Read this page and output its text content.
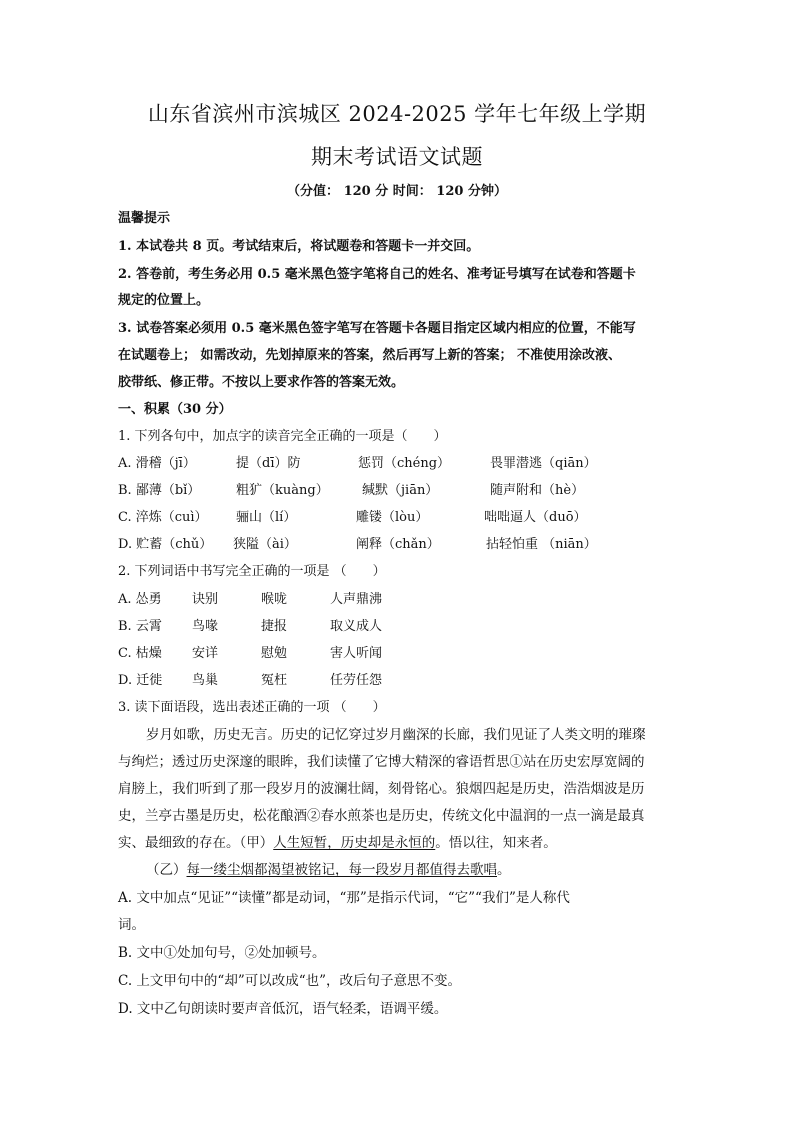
山东省滨州市滨城区 2024-2025 学年七年级上学期
期末考试语文试题
（分值： 120 分 时间： 120 分钟）
温馨提示
1. 本试卷共 8 页。考试结束后，将试题卷和答题卡一并交回。
2. 答卷前，考生务必用 0.5 毫米黑色签字笔将自己的姓名、准考证号填写在试卷和答题卡
规定的位置上。
3. 试卷答案必须用 0.5 毫米黑色签字笔写在答题卡各题目指定区域内相应的位置，不能写
在试题卷上； 如需改动，先划掉原来的答案，然后再写上新的答案； 不准使用涂改液、
胶带纸、修正带。不按以上要求作答的答案无效。
一、积累（30 分）
1. 下列各句中，加点字的读音完全正确的一项是（　　）
A. 滑稽（jī）	提（dī）防	惩罚（chéng）	畏罪潜逃（qiān）
B. 鄙薄（bǐ）	粗犷（kuàng）	缄默（jiān）	随声附和（hè）
C. 淬炼（cuì） 骊山（lí）	雕镂（lòu）	咄咄逼人（duō）
D. 贮蓄（chǔ） 狭隘（ài）	阐释（chǎn）	拈轻怕重 （niān）
2. 下列词语中书写完全正确的一项是 （　　）
A. 怂勇 诀别	喉咙	人声鼎沸
B. 云霄 鸟喙	捷报	取义成人
C. 枯燥 安详	慰勉	害人听闻
D. 迁徙 鸟巢	冤枉	任劳任怨
3. 读下面语段，选出表述正确的一项 （　　）
岁月如歌，历史无言。历史的记忆穿过岁月幽深的长廊，我们见证了人类文明的璀璨
与绚烂；透过历史深邃的眼眸，我们读懂了它博大精深的睿语哲思①站在历史宏厚宽阔的
肩膀上，我们听到了那一段岁月的波澜壮阔，刻骨铭心。狼烟四起是历史，浩浩烟波是历
史，兰亭古墨是历史，松花酿酒②春水煎茶也是历史，传统文化中温润的一点一滴是最真
实、最细致的存在。（甲）人生短暂，历史却是永恒的。悟以往，知来者。
（乙）每一缕尘烟都渴望被铭记，每一段岁月都值得去歌唱。
A. 文中加点“见证”“读懂”都是动词，“那”是指示代词，“它”“我们”是人称代
词。
B. 文中①处加句号，②处加顿号。
C. 上文甲句中的“却”可以改成“也”，改后句子意思不变。
D. 文中乙句朗读时要声音低沉，语气轻柔，语调平缓。
